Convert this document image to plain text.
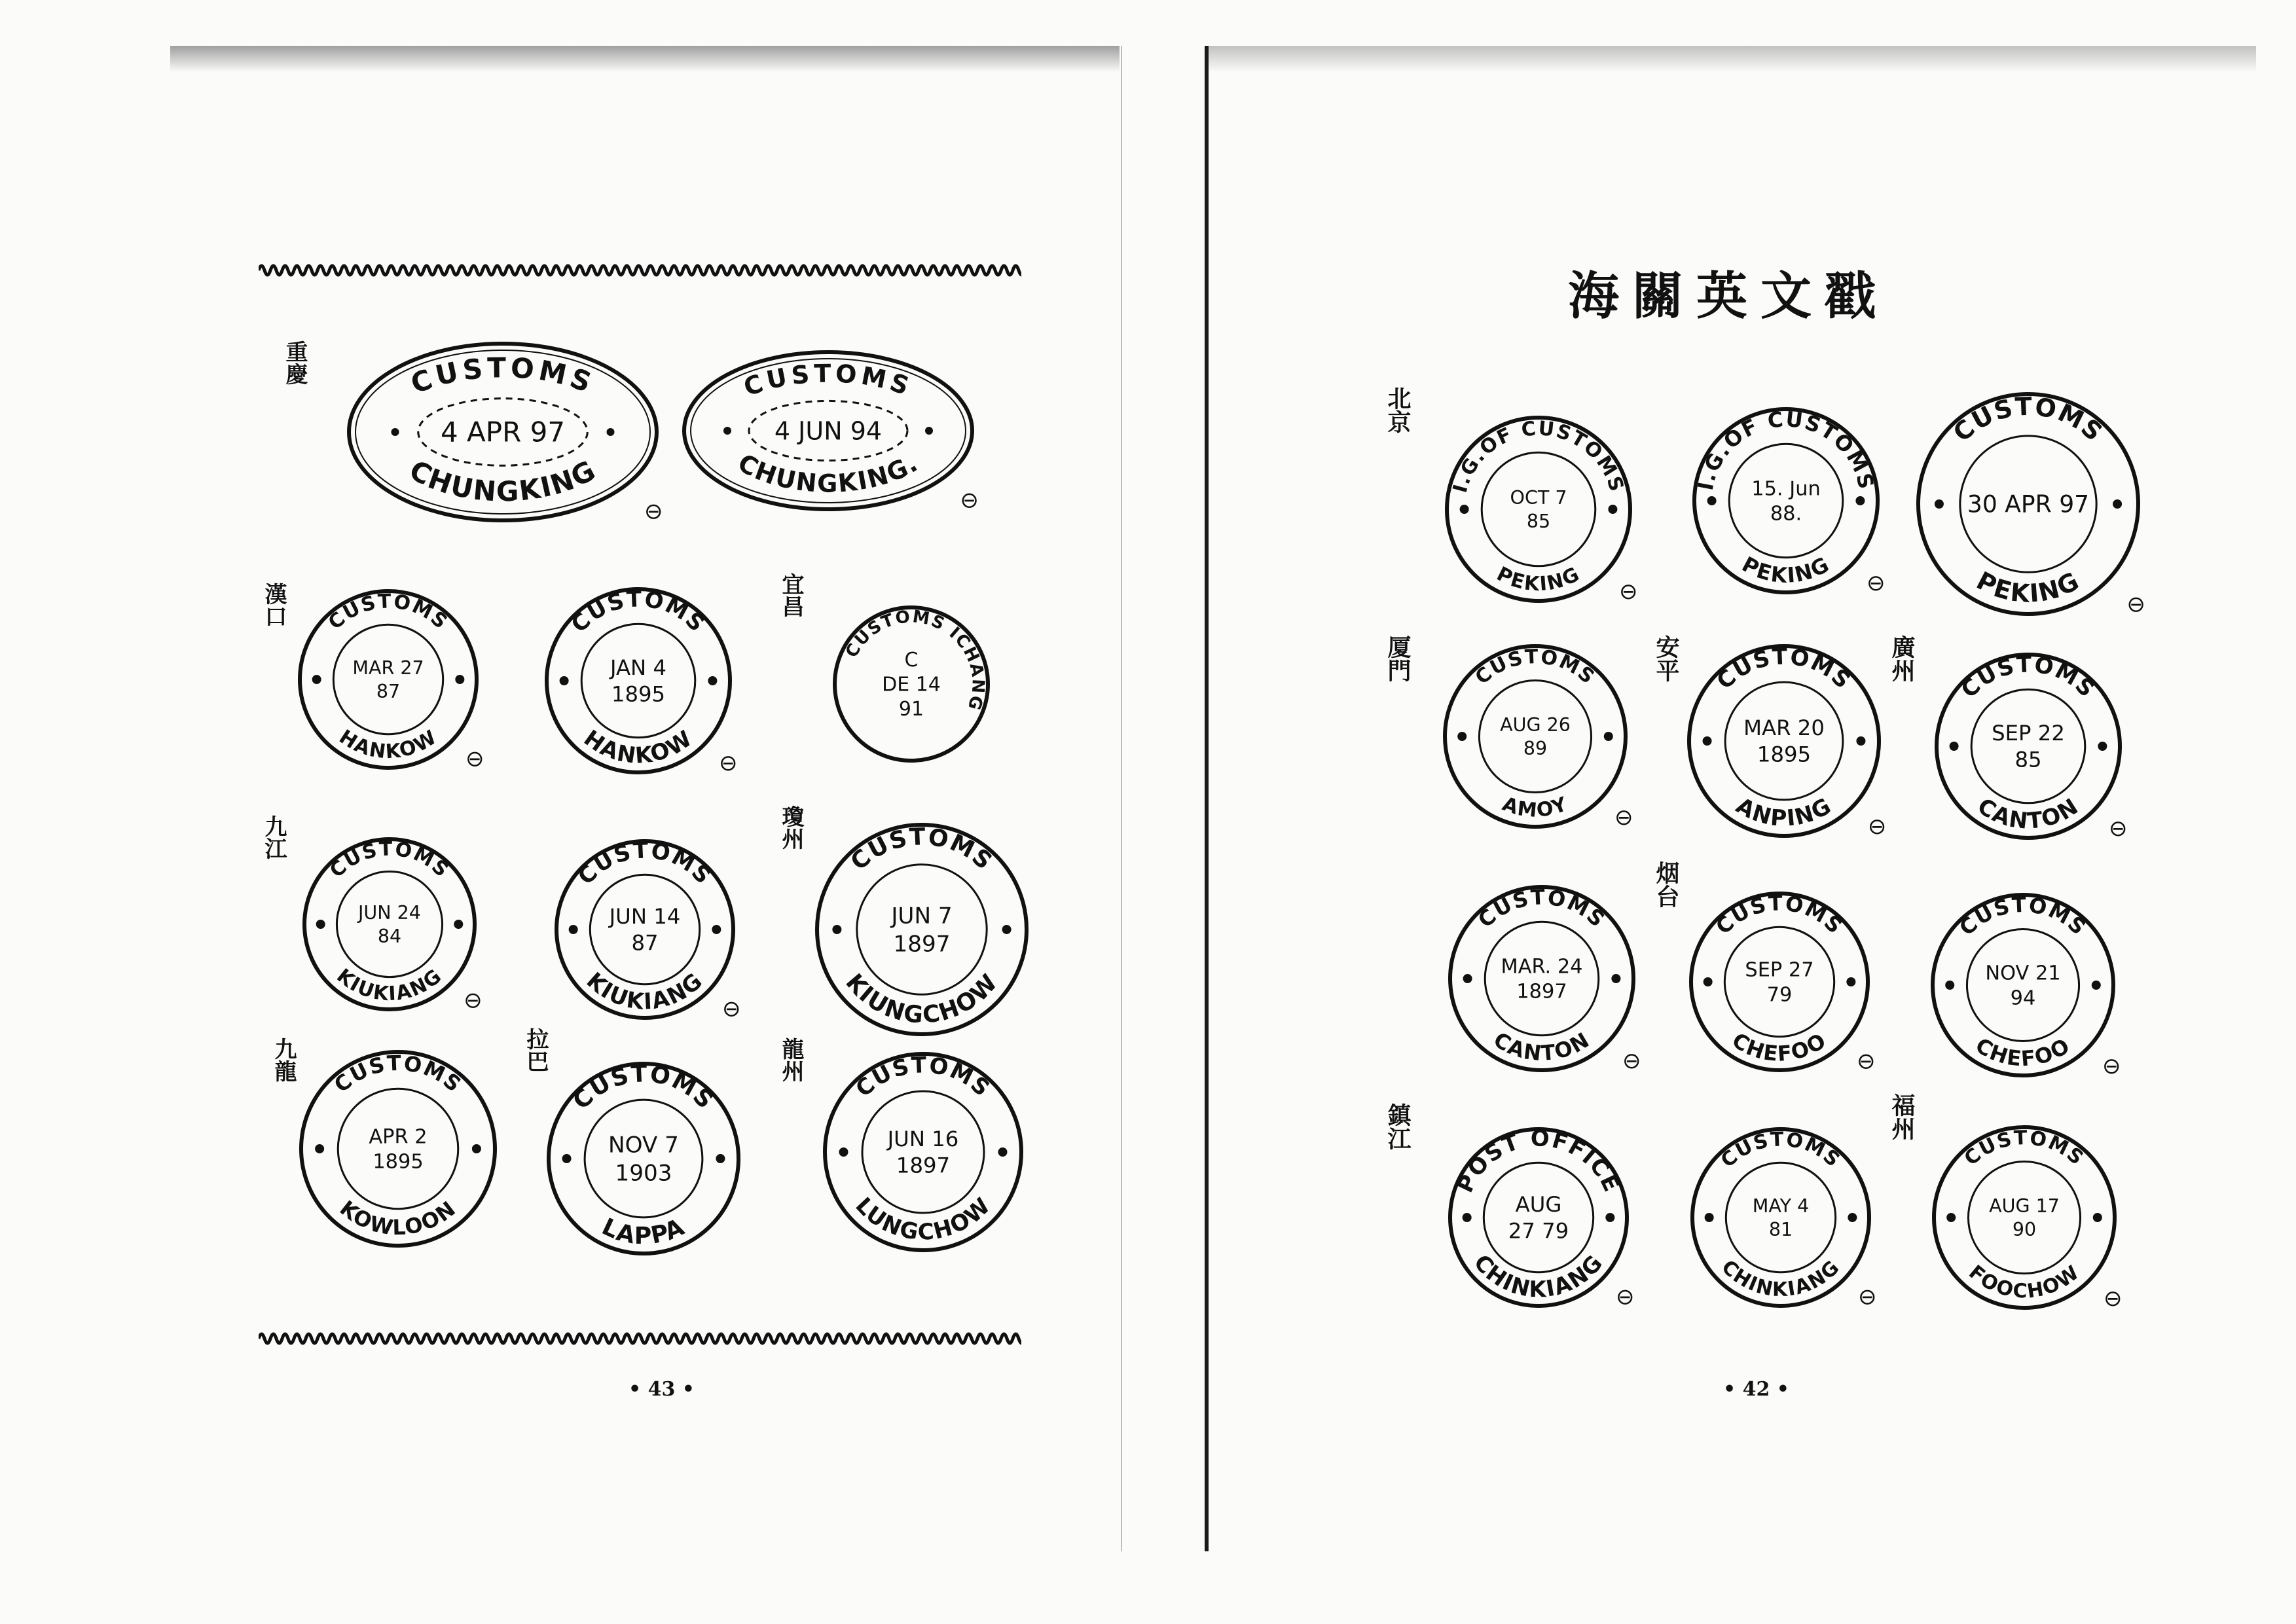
重慶
漢口	宜昌
九江	瓊州
九龍	拉巴	龍州
• 43 •
海關英文戳
北京
厦門	安平	廣州
烟台
鎮江	福州
• 42 •
CUSTOMS
CHUNGKING
4 APR 97
⊖
CUSTOMS
CHUNGKING.
4 JUN 94
⊖
CUSTOMS
HANKOW
MAR 27
87
⊖
CUSTOMS
HANKOW
JAN 4
1895
⊖
CUSTOMS ICHANG
C
DE 14
91
CUSTOMS
KIUKIANG
JUN 24
84
⊖
CUSTOMS
KIUKIANG
JUN 14
87
⊖
CUSTOMS
KIUNGCHOW
JUN 7
1897
CUSTOMS
KOWLOON
APR 2
1895
CUSTOMS
LAPPA
NOV 7
1903
CUSTOMS
LUNGCHOW
JUN 16
1897
I.G.OF CUSTOMS
PEKING
OCT 7
85
⊖
I.G.OF CUSTOMS
PEKING
15. Jun
88.
⊖
CUSTOMS
PEKING
30 APR 97
⊖
CUSTOMS
AMOY
AUG 26
89
⊖
CUSTOMS
ANPING
MAR 20
1895
⊖
CUSTOMS
CANTON
SEP 22
85
⊖
CUSTOMS
CANTON
MAR. 24
1897
⊖
CUSTOMS
CHEFOO
SEP 27
79
⊖
CUSTOMS
CHEFOO
NOV 21
94
⊖
POST OFFICE
CHINKIANG
AUG
27 79
⊖
CUSTOMS
CHINKIANG
MAY 4
81
⊖
CUSTOMS
FOOCHOW
AUG 17
90
⊖
